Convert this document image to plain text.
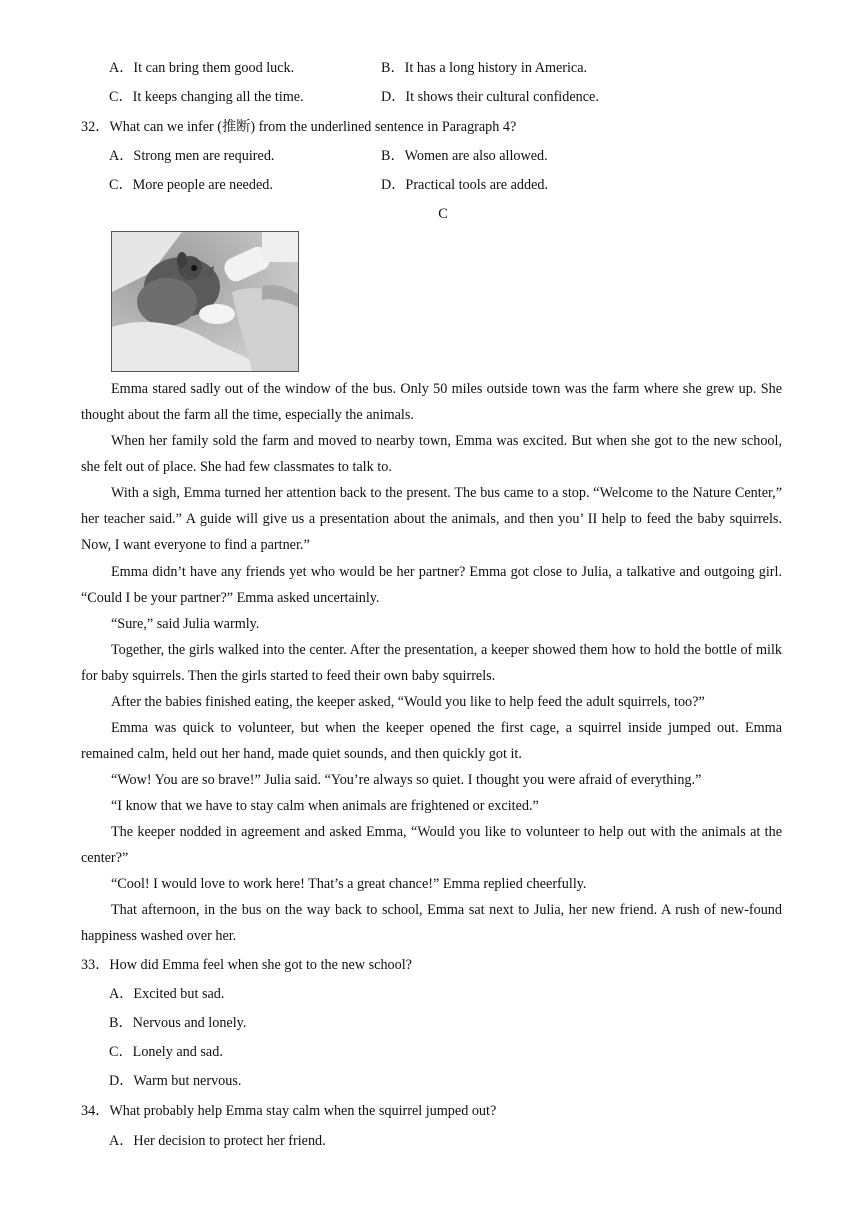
A．It can bring them good luck.	B．It has a long history in America.
C．It keeps changing all the time.	D．It shows their cultural confidence.
32．What can we infer (推断) from the underlined sentence in Paragraph 4?
A．Strong men are required.	B．Women are also allowed.
C．More people are needed.	D．Practical tools are added.
C
Emma stared sadly out of the window of the bus. Only 50 miles outside town was the farm where she grew up. She thought about the farm all the time, especially the animals.
When her family sold the farm and moved to nearby town, Emma was excited. But when she got to the new school, she felt out of place. She had few classmates to talk to.
With a sigh, Emma turned her attention back to the present. The bus came to a stop. “Welcome to the Nature Center,” her teacher said.” A guide will give us a presentation about the animals, and then you’ II help to feed the baby squirrels. Now, I want everyone to find a partner.”
Emma didn’t have any friends yet who would be her partner? Emma got close to Julia, a talkative and outgoing girl. “Could I be your partner?” Emma asked uncertainly.
“Sure,” said Julia warmly.
Together, the girls walked into the center. After the presentation, a keeper showed them how to hold the bottle of milk for baby squirrels. Then the girls started to feed their own baby squirrels.
After the babies finished eating, the keeper asked, “Would you like to help feed the adult squirrels, too?”
Emma was quick to volunteer, but when the keeper opened the first cage, a squirrel inside jumped out. Emma remained calm, held out her hand, made quiet sounds, and then quickly got it.
“Wow! You are so brave!” Julia said. “You’re always so quiet. I thought you were afraid of everything.”
“I know that we have to stay calm when animals are frightened or excited.”
The keeper nodded in agreement and asked Emma, “Would you like to volunteer to help out with the animals at the center?”
“Cool! I would love to work here! That’s a great chance!” Emma replied cheerfully.
That afternoon, in the bus on the way back to school, Emma sat next to Julia, her new friend. A rush of new-found happiness washed over her.
33．How did Emma feel when she got to the new school?
A．Excited but sad.
B．Nervous and lonely.
C．Lonely and sad.
D．Warm but nervous.
34．What probably help Emma stay calm when the squirrel jumped out?
A．Her decision to protect her friend.
